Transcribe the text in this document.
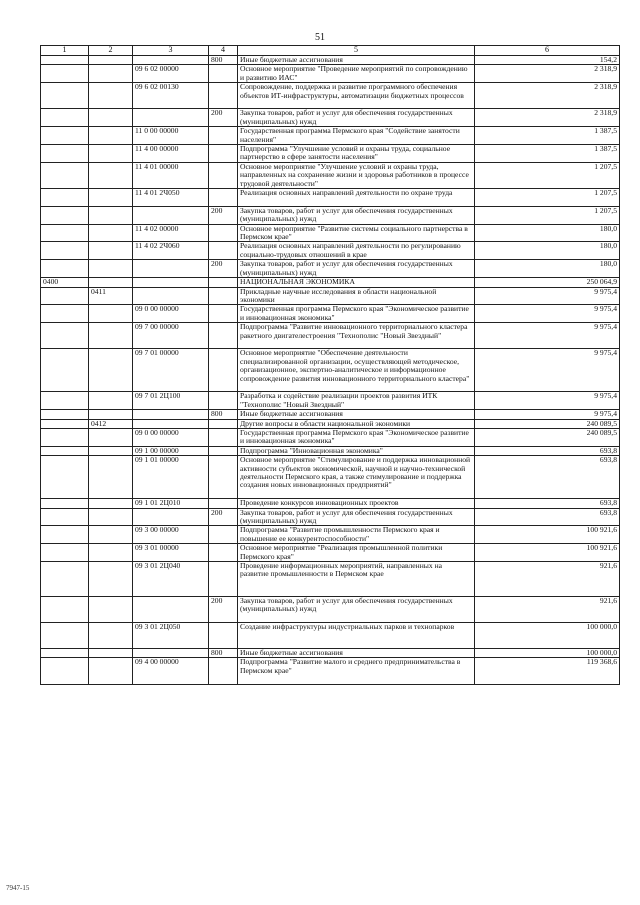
51
1	2	3	4	5	6
			800	Иные бюджетные ассигнования	154,2
		09 6 02 00000		Основное мероприятие "Проведение мероприятий по сопровождению и развитию ИАС"	2 318,9
		09 6 02 00130		Сопровождение, поддержка и развитие программного обеспечения объектов ИТ-инфраструктуры, автоматизации бюджетных процессов	2 318,9
			200	Закупка товаров, работ и услуг для обеспечения государственных (муниципальных) нужд	2 318,9
		11 0 00 00000		Государственная программа Пермского края "Содействие занятости населения"	1 387,5
		11 4 00 00000		Подпрограмма "Улучшение условий и охраны труда, социальное партнерство в сфере занятости населения"	1 387,5
		11 4 01 00000		Основное мероприятие "Улучшение условий и охраны труда, направленных на сохранение жизни и здоровья работников в процессе трудовой деятельности"	1 207,5
		11 4 01 2Ч050		Реализация основных направлений деятельности по охране труда	1 207,5
			200	Закупка товаров, работ и услуг для обеспечения государственных (муниципальных) нужд	1 207,5
		11 4 02 00000		Основное мероприятие "Развитие системы социального партнерства в Пермском крае"	180,0
		11 4 02 2Ч060		Реализация основных направлений деятельности по регулированию социально-трудовых отношений в крае	180,0
			200	Закупка товаров, работ и услуг для обеспечения государственных (муниципальных) нужд	180,0
0400				НАЦИОНАЛЬНАЯ ЭКОНОМИКА	250 064,9
	0411			Прикладные научные исследования в области национальной экономики	9 975,4
		09 0 00 00000		Государственная программа Пермского края "Экономическое развитие и инновационная экономика"	9 975,4
		09 7 00 00000		Подпрограмма "Развитие инновационного территориального кластера ракетного двигателестроения "Технополис "Новый Звездный"	9 975,4
		09 7 01 00000		Основное мероприятие "Обеспечение деятельности специализированной организации, осуществляющей методическое, организационное, экспертно-аналитическое и информационное сопровождение развития инновационного территориального кластера"	9 975,4
		09 7 01 2Ц100		Разработка и содействие реализации проектов развития ИТК "Технополис "Новый Звездный"	9 975,4
			800	Иные бюджетные ассигнования	9 975,4
	0412			Другие вопросы в области национальной экономики	240 089,5
		09 0 00 00000		Государственная программа Пермского края "Экономическое развитие и инновационная экономика"	240 089,5
		09 1 00 00000		Подпрограмма "Инновационная экономика"	693,8
		09 1 01 00000		Основное мероприятие "Стимулирование и поддержка инновационной активности субъектов экономической, научной и научно-технической деятельности Пермского края, а также стимулирование и поддержка создания новых инновационных предприятий"	693,8
		09 1 01 2Ц010		Проведение конкурсов инновационных проектов	693,8
			200	Закупка товаров, работ и услуг для обеспечения государственных (муниципальных) нужд	693,8
		09 3 00 00000		Подпрограмма "Развитие промышленности Пермского края и повышение ее конкурентоспособности"	100 921,6
		09 3 01 00000		Основное мероприятие "Реализация промышленной политики Пермского края"	100 921,6
		09 3 01 2Ц040		Проведение информационных мероприятий, направленных на развитие промышленности в Пермском крае	921,6
			200	Закупка товаров, работ и услуг для обеспечения государственных (муниципальных) нужд	921,6
		09 3 01 2Ц050		Создание инфраструктуры индустриальных парков и технопарков	100 000,0
			800	Иные бюджетные ассигнования	100 000,0
		09 4 00 00000		Подпрограмма "Развитие малого и среднего предпринимательства в Пермском крае"	119 368,6
7947-15
